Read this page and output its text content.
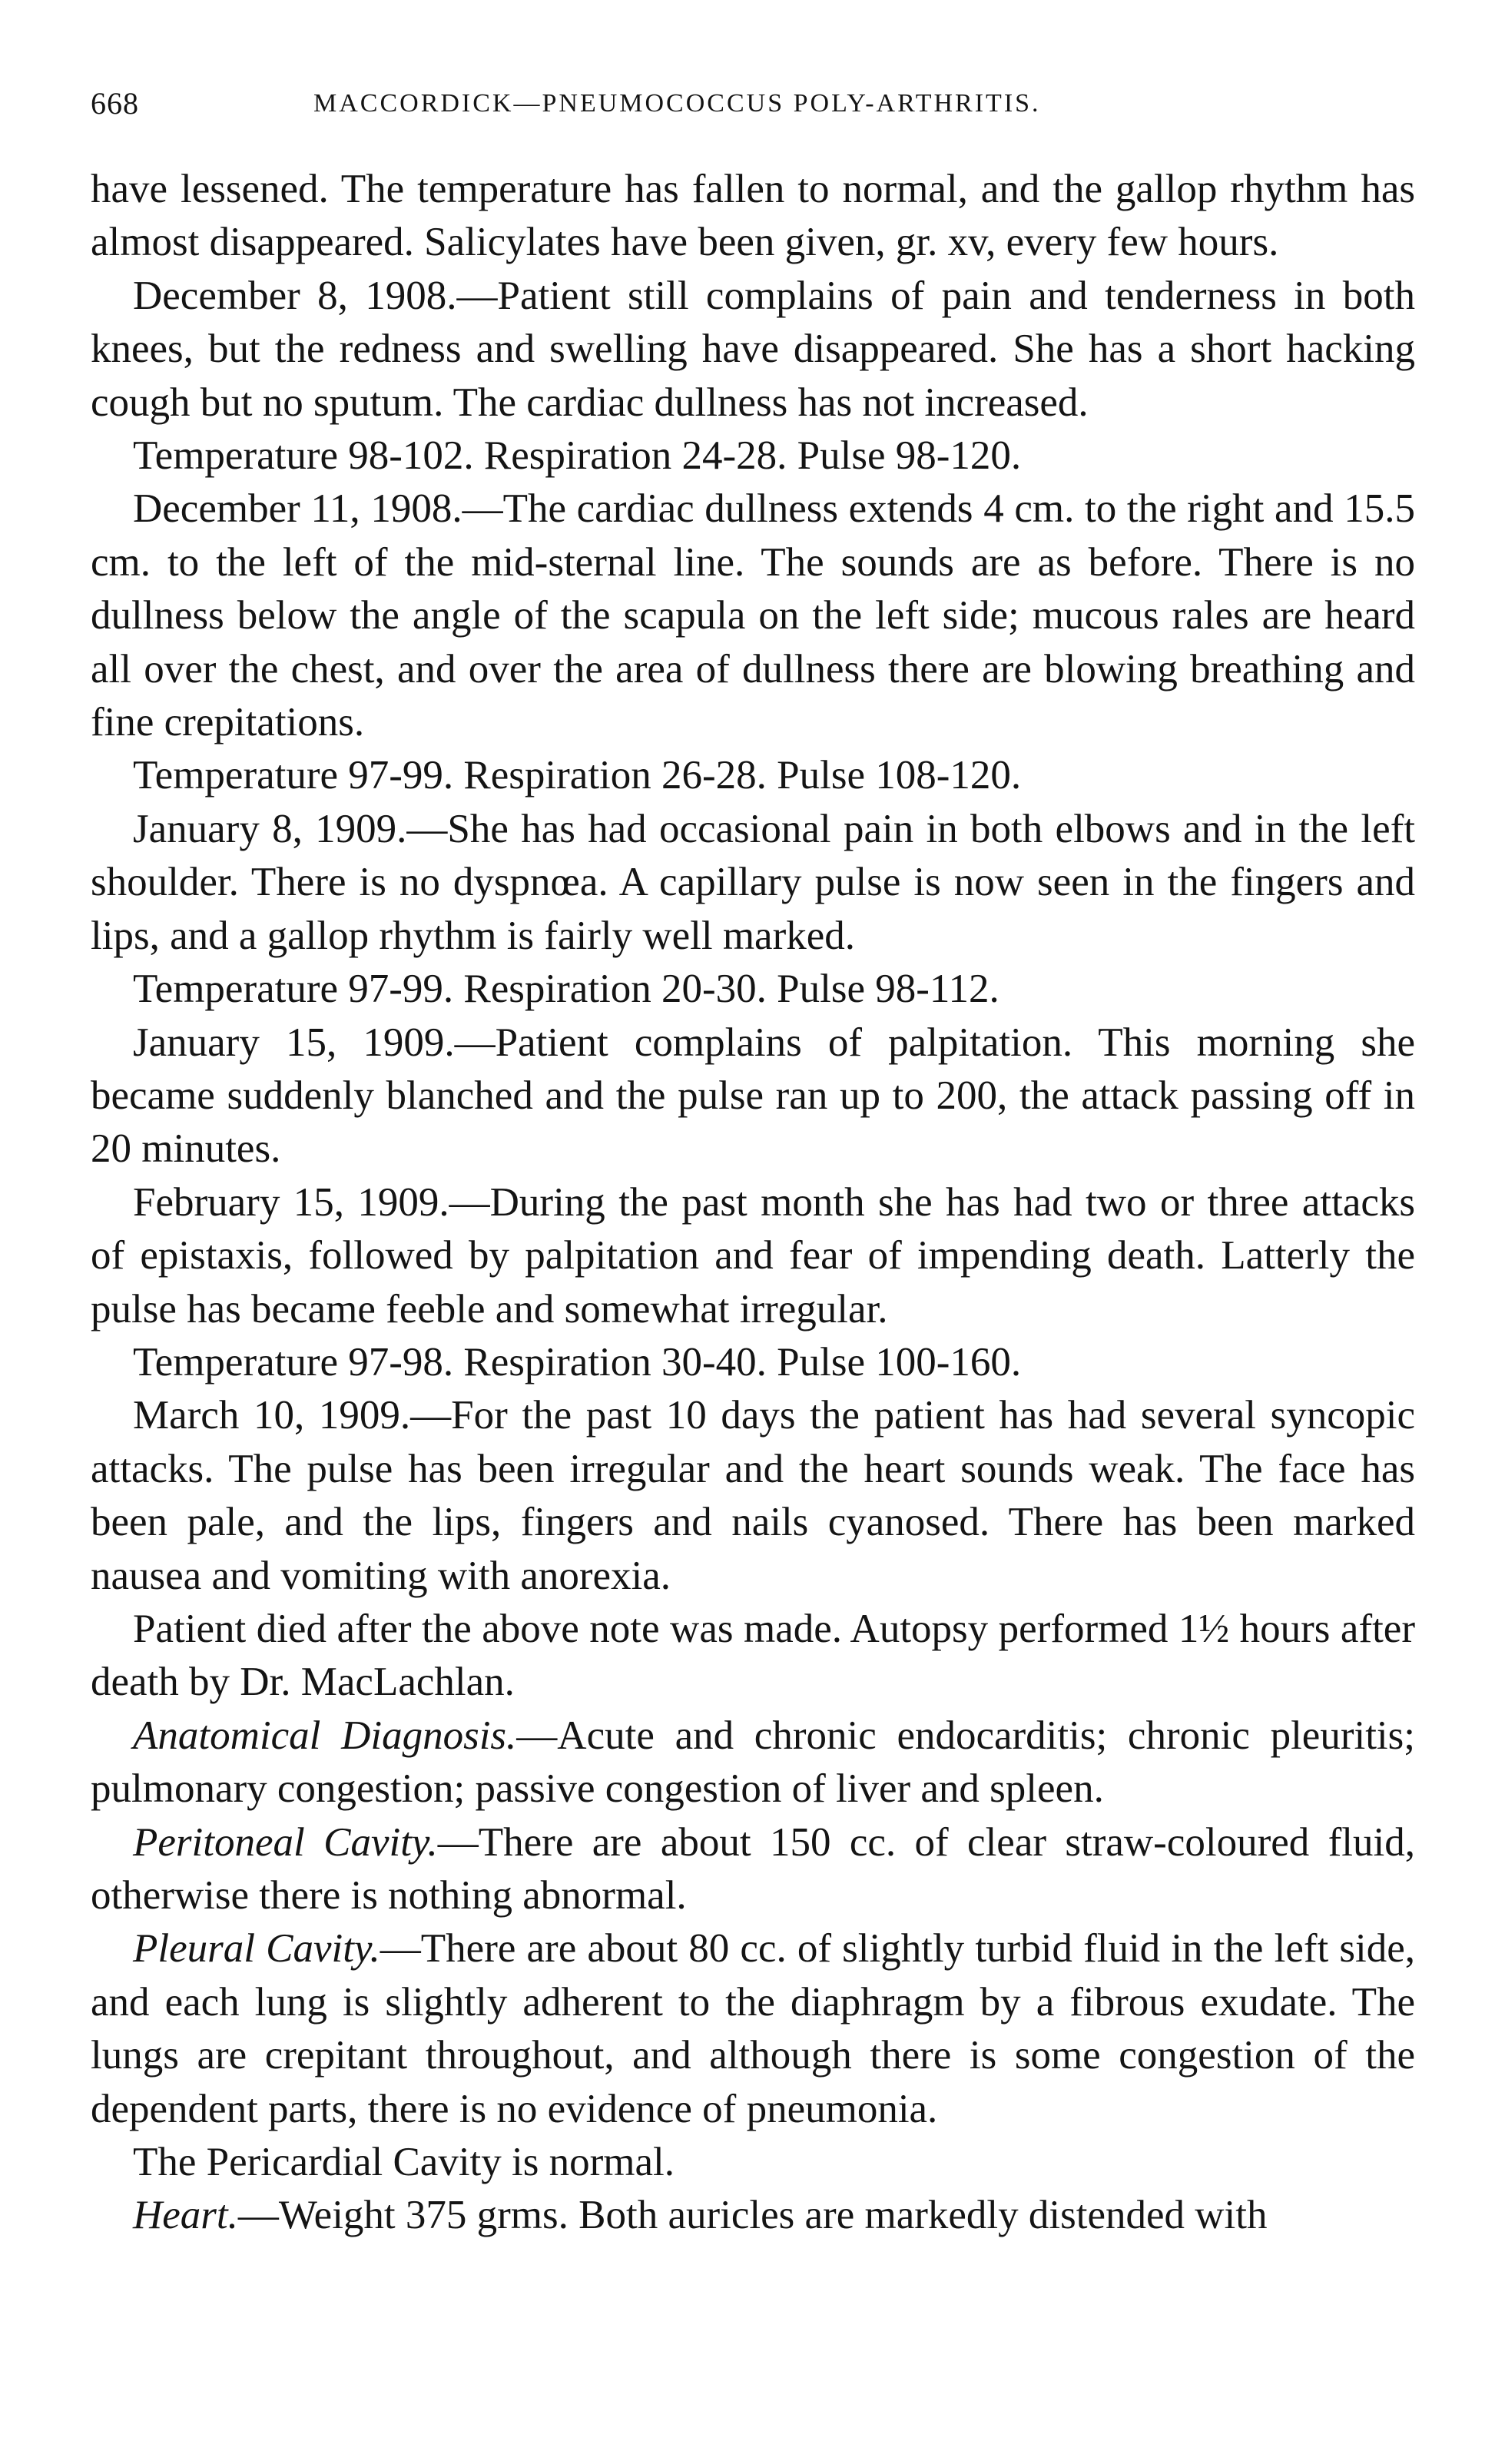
668	MACCORDICK—PNEUMOCOCCUS POLY-ARTHRITIS.

have lessened. The temperature has fallen to normal, and the gallop rhythm has almost disappeared. Salicylates have been given, gr. xv, every few hours.

December 8, 1908.—Patient still complains of pain and tenderness in both knees, but the redness and swelling have disappeared. She has a short hacking cough but no sputum. The cardiac dullness has not increased.

Temperature 98-102. Respiration 24-28. Pulse 98-120.

December 11, 1908.—The cardiac dullness extends 4 cm. to the right and 15.5 cm. to the left of the mid-sternal line. The sounds are as before. There is no dullness below the angle of the scapula on the left side; mucous rales are heard all over the chest, and over the area of dullness there are blowing breathing and fine crepitations.

Temperature 97-99. Respiration 26-28. Pulse 108-120.

January 8, 1909.—She has had occasional pain in both elbows and in the left shoulder. There is no dyspnœa. A capillary pulse is now seen in the fingers and lips, and a gallop rhythm is fairly well marked.

Temperature 97-99. Respiration 20-30. Pulse 98-112.

January 15, 1909.—Patient complains of palpitation. This morning she became suddenly blanched and the pulse ran up to 200, the attack passing off in 20 minutes.

February 15, 1909.—During the past month she has had two or three attacks of epistaxis, followed by palpitation and fear of impending death. Latterly the pulse has became feeble and somewhat irregular.

Temperature 97-98. Respiration 30-40. Pulse 100-160.

March 10, 1909.—For the past 10 days the patient has had several syncopic attacks. The pulse has been irregular and the heart sounds weak. The face has been pale, and the lips, fingers and nails cyanosed. There has been marked nausea and vomiting with anorexia.

Patient died after the above note was made. Autopsy performed 1½ hours after death by Dr. MacLachlan.

Anatomical Diagnosis.—Acute and chronic endocarditis; chronic pleuritis; pulmonary congestion; passive congestion of liver and spleen.

Peritoneal Cavity.—There are about 150 cc. of clear straw-coloured fluid, otherwise there is nothing abnormal.

Pleural Cavity.—There are about 80 cc. of slightly turbid fluid in the left side, and each lung is slightly adherent to the diaphragm by a fibrous exudate. The lungs are crepitant throughout, and although there is some congestion of the dependent parts, there is no evidence of pneumonia.

The Pericardial Cavity is normal.

Heart.—Weight 375 grms. Both auricles are markedly distended with
